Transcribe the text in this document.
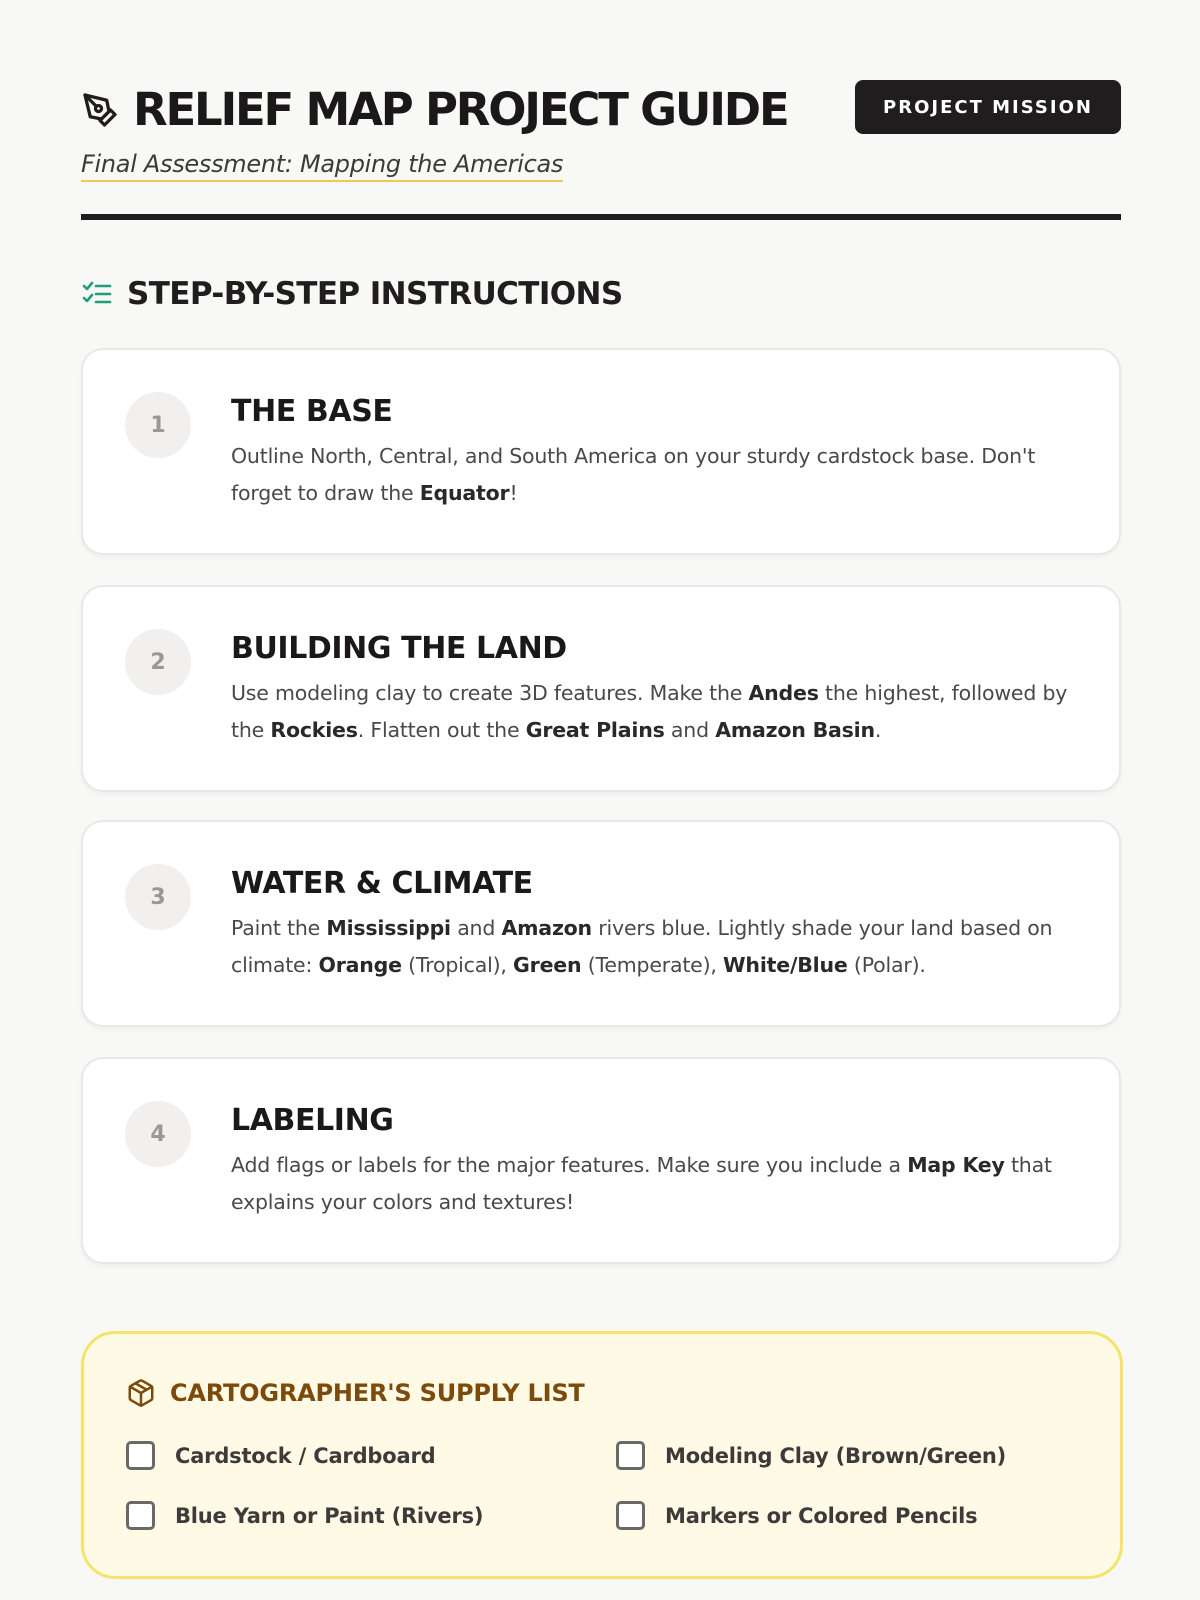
RELIEF MAP PROJECT GUIDE	PROJECT MISSION
Final Assessment: Mapping the Americas
STEP-BY-STEP INSTRUCTIONS
1	THE BASE
Outline North, Central, and South America on your sturdy cardstock base. Don't forget to draw the Equator!
2	BUILDING THE LAND
Use modeling clay to create 3D features. Make the Andes the highest, followed by the Rockies. Flatten out the Great Plains and Amazon Basin.
3	WATER & CLIMATE
Paint the Mississippi and Amazon rivers blue. Lightly shade your land based on climate: Orange (Tropical), Green (Temperate), White/Blue (Polar).
4	LABELING
Add flags or labels for the major features. Make sure you include a Map Key that explains your colors and textures!
CARTOGRAPHER'S SUPPLY LIST
Cardstock / Cardboard	Modeling Clay (Brown/Green)
Blue Yarn or Paint (Rivers)	Markers or Colored Pencils
